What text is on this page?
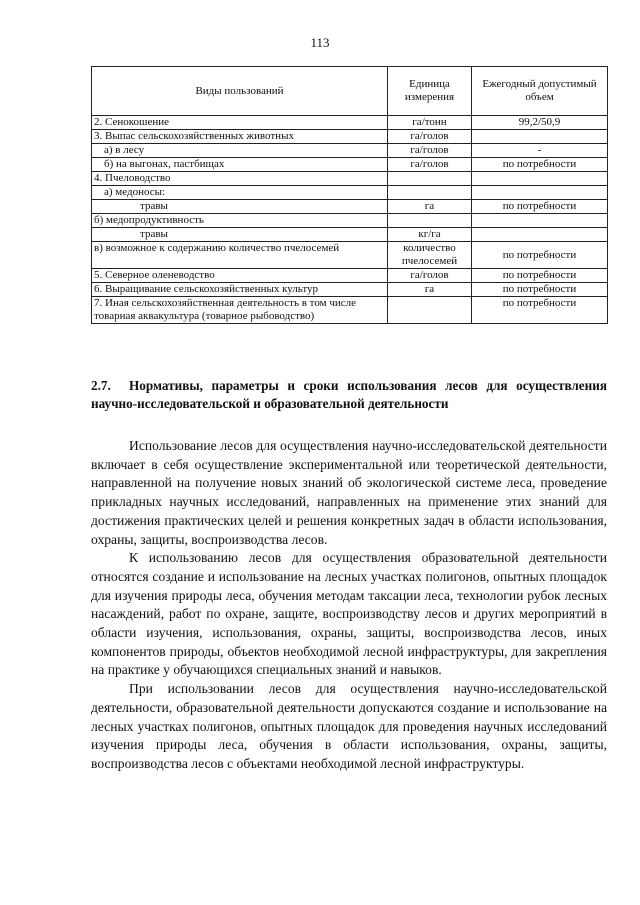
113
Виды пользований	Единица измерения	Ежегодный допустимый объем
2. Сенокошение	га/тонн	99,2/50,9
3. Выпас сельскохозяйственных животных	га/голов	
а) в лесу	га/голов	-
б) на выгонах, пастбищах	га/голов	по потребности
4. Пчеловодство		
а) медоносы:		
травы	га	по потребности
б) медопродуктивность		
травы	кг/га	
в) возможное к содержанию количество пчелосемей	количество пчелосемей	по потребности
5. Северное оленеводство	га/голов	по потребности
6. Выращивание сельскохозяйственных культур	га	по потребности
7. Иная сельскохозяйственная деятельность в том числе товарная аквакультура (товарное рыбоводство)		по потребности
2.7. Нормативы, параметры и сроки использования лесов для осуществления научно-исследовательской и образовательной деятельности

Использование лесов для осуществления научно-исследовательской деятельности включает в себя осуществление экспериментальной или теоретической деятельности, направленной на получение новых знаний об экологической системе леса, проведение прикладных научных исследований, направленных на применение этих знаний для достижения практических целей и решения конкретных задач в области использования, охраны, защиты, воспроизводства лесов.

К использованию лесов для осуществления образовательной деятельности относятся создание и использование на лесных участках полигонов, опытных площадок для изучения природы леса, обучения методам таксации леса, технологии рубок лесных насаждений, работ по охране, защите, воспроизводству лесов и других мероприятий в области изучения, использования, охраны, защиты, воспроизводства лесов, иных компонентов природы, объектов необходимой лесной инфраструктуры, для закрепления на практике у обучающихся специальных знаний и навыков.

При использовании лесов для осуществления научно-исследовательской деятельности, образовательной деятельности допускаются создание и использование на лесных участках полигонов, опытных площадок для проведения научных исследований изучения природы леса, обучения в области использования, охраны, защиты, воспроизводства лесов с объектами необходимой лесной инфраструктуры.
